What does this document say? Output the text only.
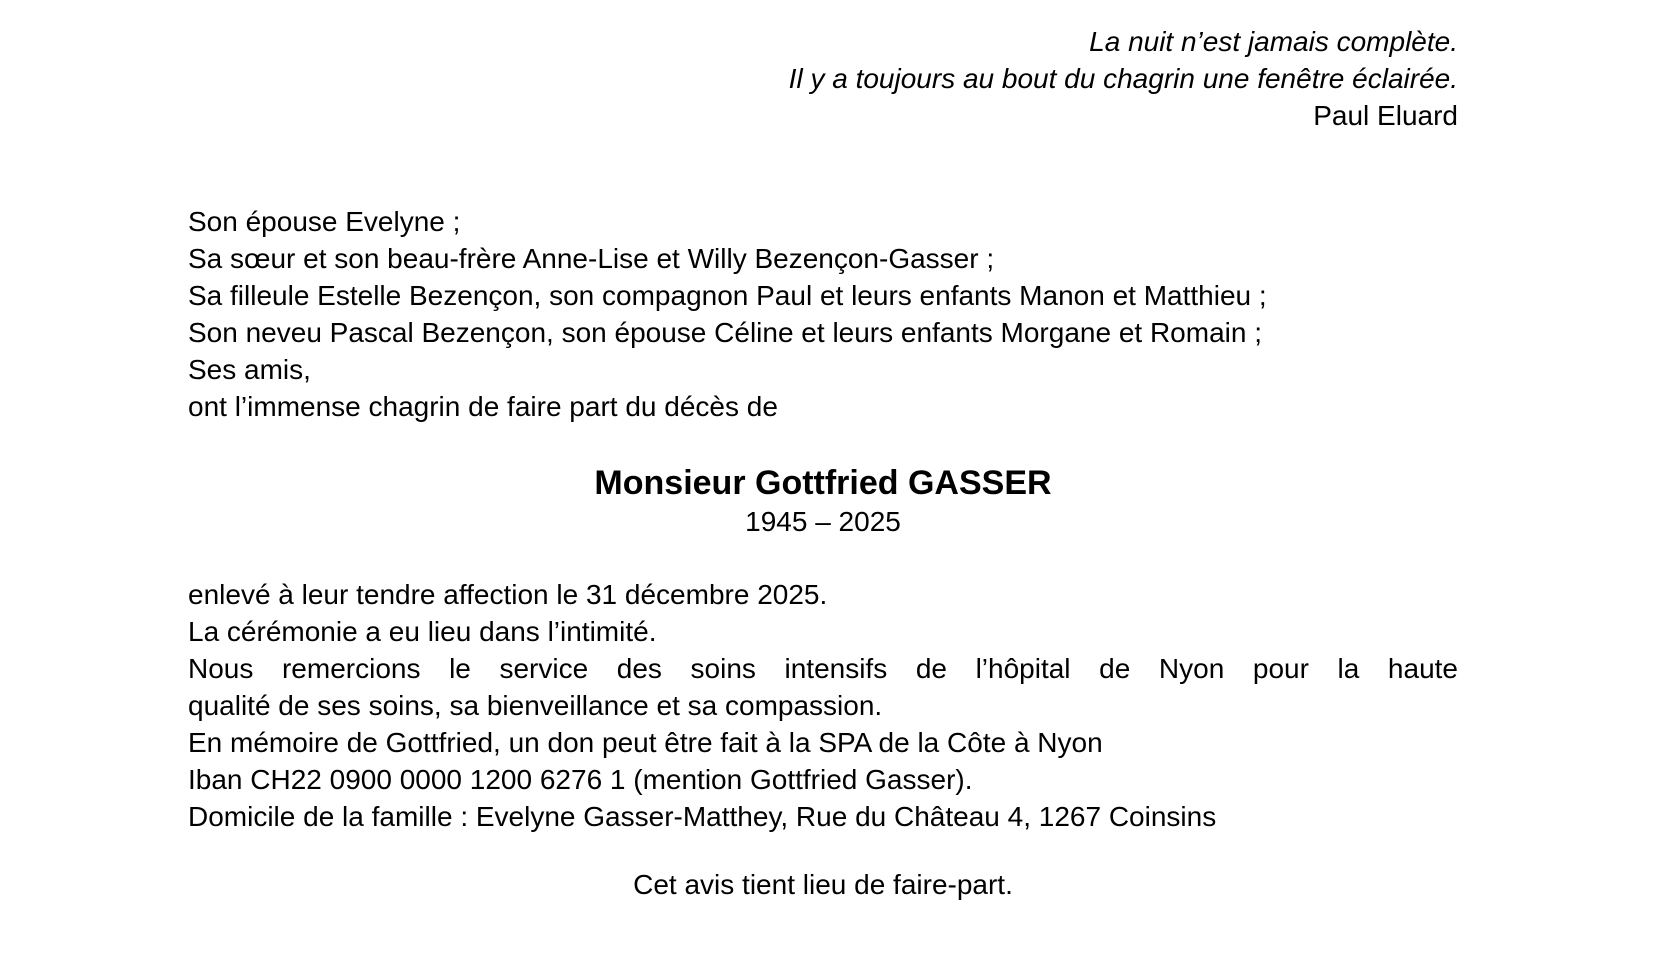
La nuit n’est jamais complète.
Il y a toujours au bout du chagrin une fenêtre éclairée.
Paul Eluard
Son épouse Evelyne ;
Sa sœur et son beau-frère Anne-Lise et Willy Bezençon-Gasser ;
Sa filleule Estelle Bezençon, son compagnon Paul et leurs enfants Manon et Matthieu ;
Son neveu Pascal Bezençon, son épouse Céline et leurs enfants Morgane et Romain ;
Ses amis,
ont l’immense chagrin de faire part du décès de
Monsieur Gottfried GASSER
1945 – 2025
enlevé à leur tendre affection le 31 décembre 2025.
La cérémonie a eu lieu dans l’intimité.
Nous remercions le service des soins intensifs de l’hôpital de Nyon pour la haute
qualité de ses soins, sa bienveillance et sa compassion.
En mémoire de Gottfried, un don peut être fait à la SPA de la Côte à Nyon
Iban CH22 0900 0000 1200 6276 1 (mention Gottfried Gasser).
Domicile de la famille : Evelyne Gasser-Matthey, Rue du Château 4, 1267 Coinsins
Cet avis tient lieu de faire-part.
